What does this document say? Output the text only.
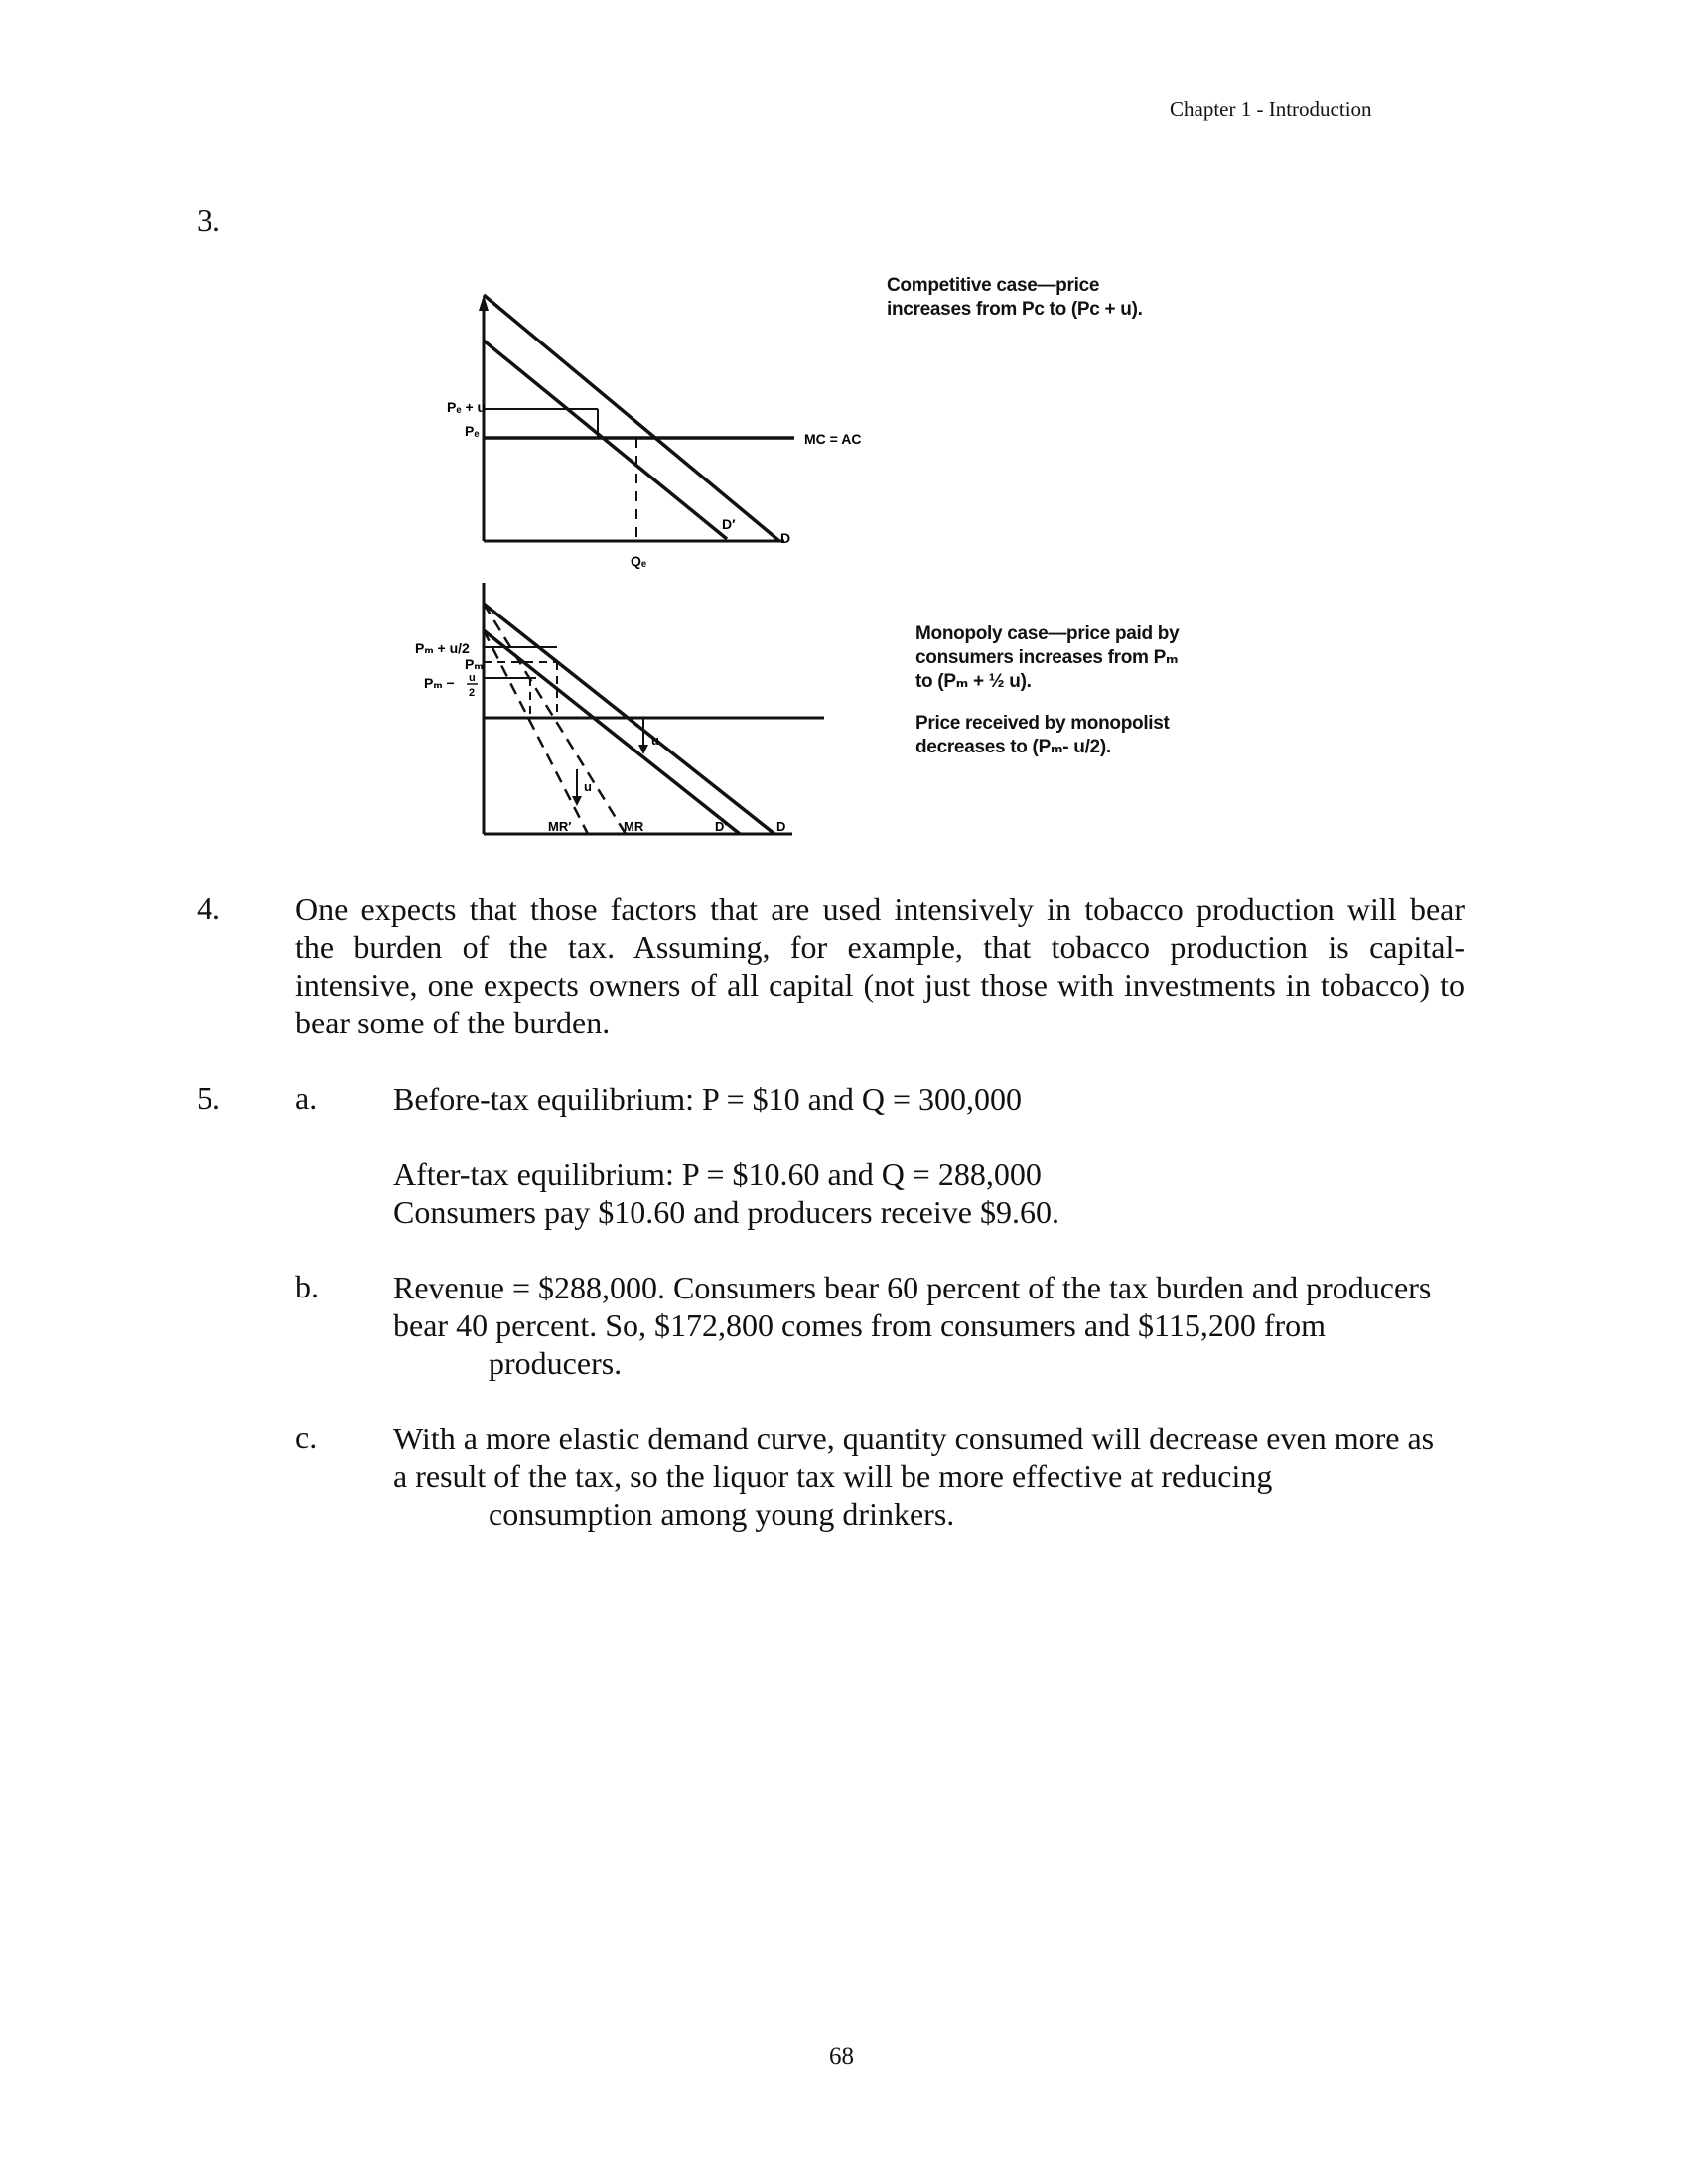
Chapter 1 - Introduction
3.
Pₑ + u
Pₑ	MC = AC
D′
D
Qₑ
Pₘ + u/2
Pₘ
Pₘ − u
2
u
u
MR′	MR	D′	D
Competitive case—price
increases from Pᴄ to (Pᴄ + u).
Monopoly case—price paid by
consumers increases from Pₘ
to (Pₘ + ½ u).
Price received by monopolist
decreases to (Pₘ- u/2).
4. One expects that those factors that are used intensively in tobacco production will bear
the burden of the tax. Assuming, for example, that tobacco production is capital-
intensive, one expects owners of all capital (not just those with investments in tobacco) to
bear some of the burden.
5. a. Before-tax equilibrium: P = $10 and Q = 300,000
After-tax equilibrium: P = $10.60 and Q = 288,000
Consumers pay $10.60 and producers receive $9.60.
b. Revenue = $288,000. Consumers bear 60 percent of the tax burden and producers
bear 40 percent. So, $172,800 comes from consumers and $115,200 from
producers.
c. With a more elastic demand curve, quantity consumed will decrease even more as
a result of the tax, so the liquor tax will be more effective at reducing
consumption among young drinkers.
68
